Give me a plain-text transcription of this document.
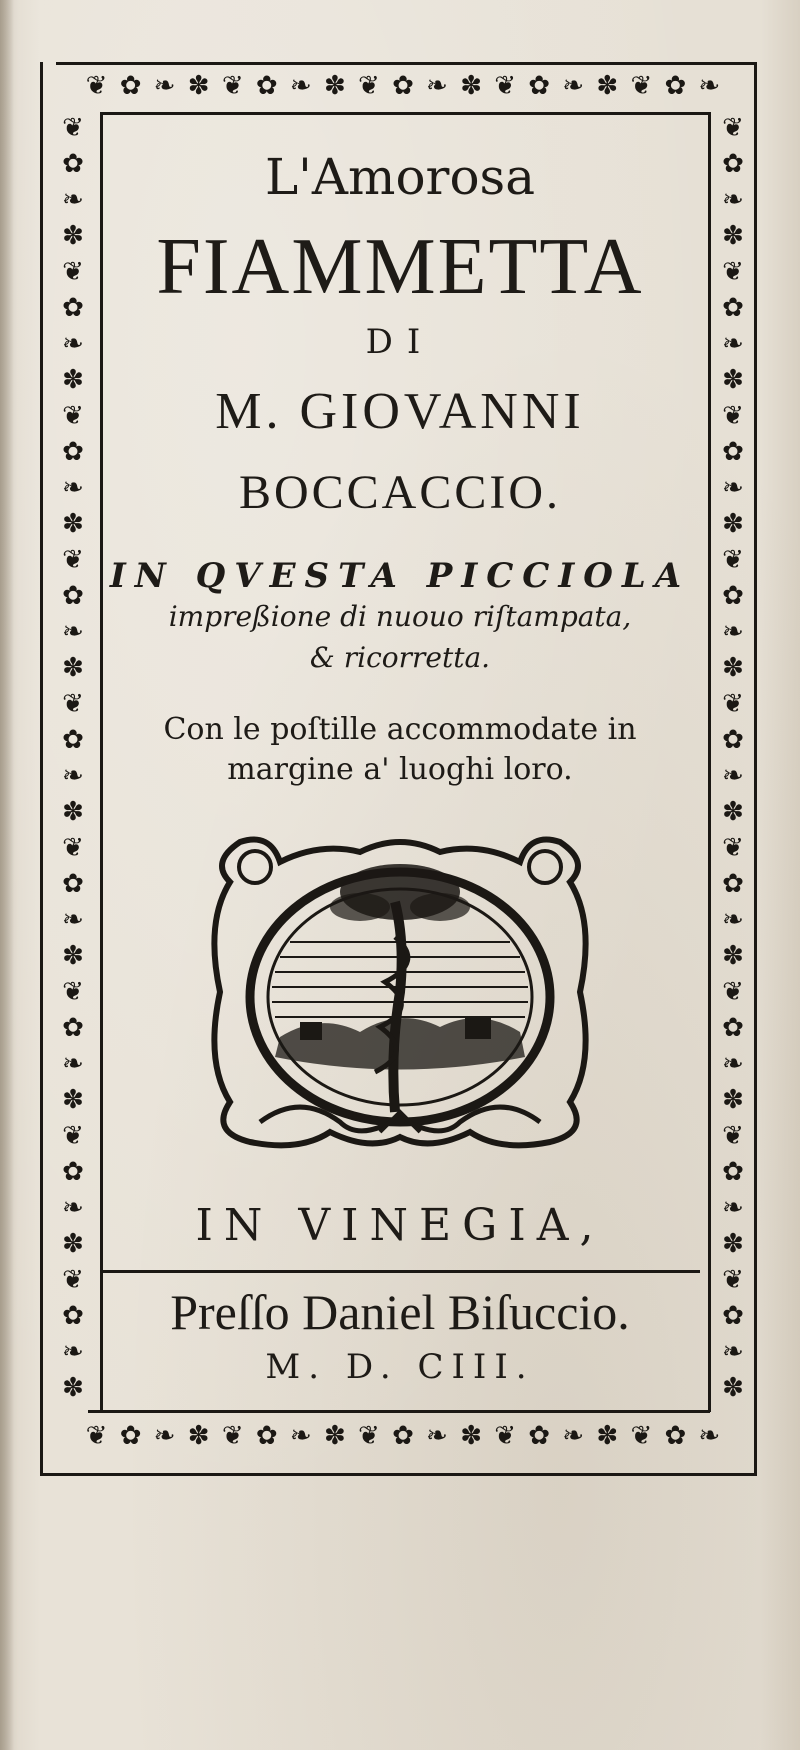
❦ ✿ ❧ ✽ ❦ ✿ ❧ ✽ ❦ ✿ ❧ ✽ ❦ ✿ ❧ ✽ ❦ ✿ ❧
❦ ✿ ❧ ✽ ❦ ✿ ❧ ✽ ❦ ✿ ❧ ✽ ❦ ✿ ❧ ✽ ❦ ✿ ❧
❦
✿
❧
✽
❦
✿
❧
✽
❦
✿
❧
✽
❦
✿
❧
✽
❦
✿
❧
✽
❦
✿
❧
✽
❦
✿
❧
✽
❦
✿
❧
✽
❦
✿
❧
✽
❦
✿
❧
✽
❦
✿
❧
✽
❦
✿
❧
✽
❦
✿
❧
✽
❦
✿
❧
✽
❦
✿
❧
✽
❦
✿
❧
✽
❦
✿
❧
✽
❦
✿
❧
✽
L'Amorosa
FIAMMETTA
DI
M. GIOVANNI
BOCCACCIO.
IN QVESTA PICCIOLA
impreßione di nuouo riſtampata,
& ricorretta.
Con le poſtille accommodate in
margine a' luoghi loro.
IN VINEGIA,
Preſſo Daniel Biſuccio.
M. D. CIII.
